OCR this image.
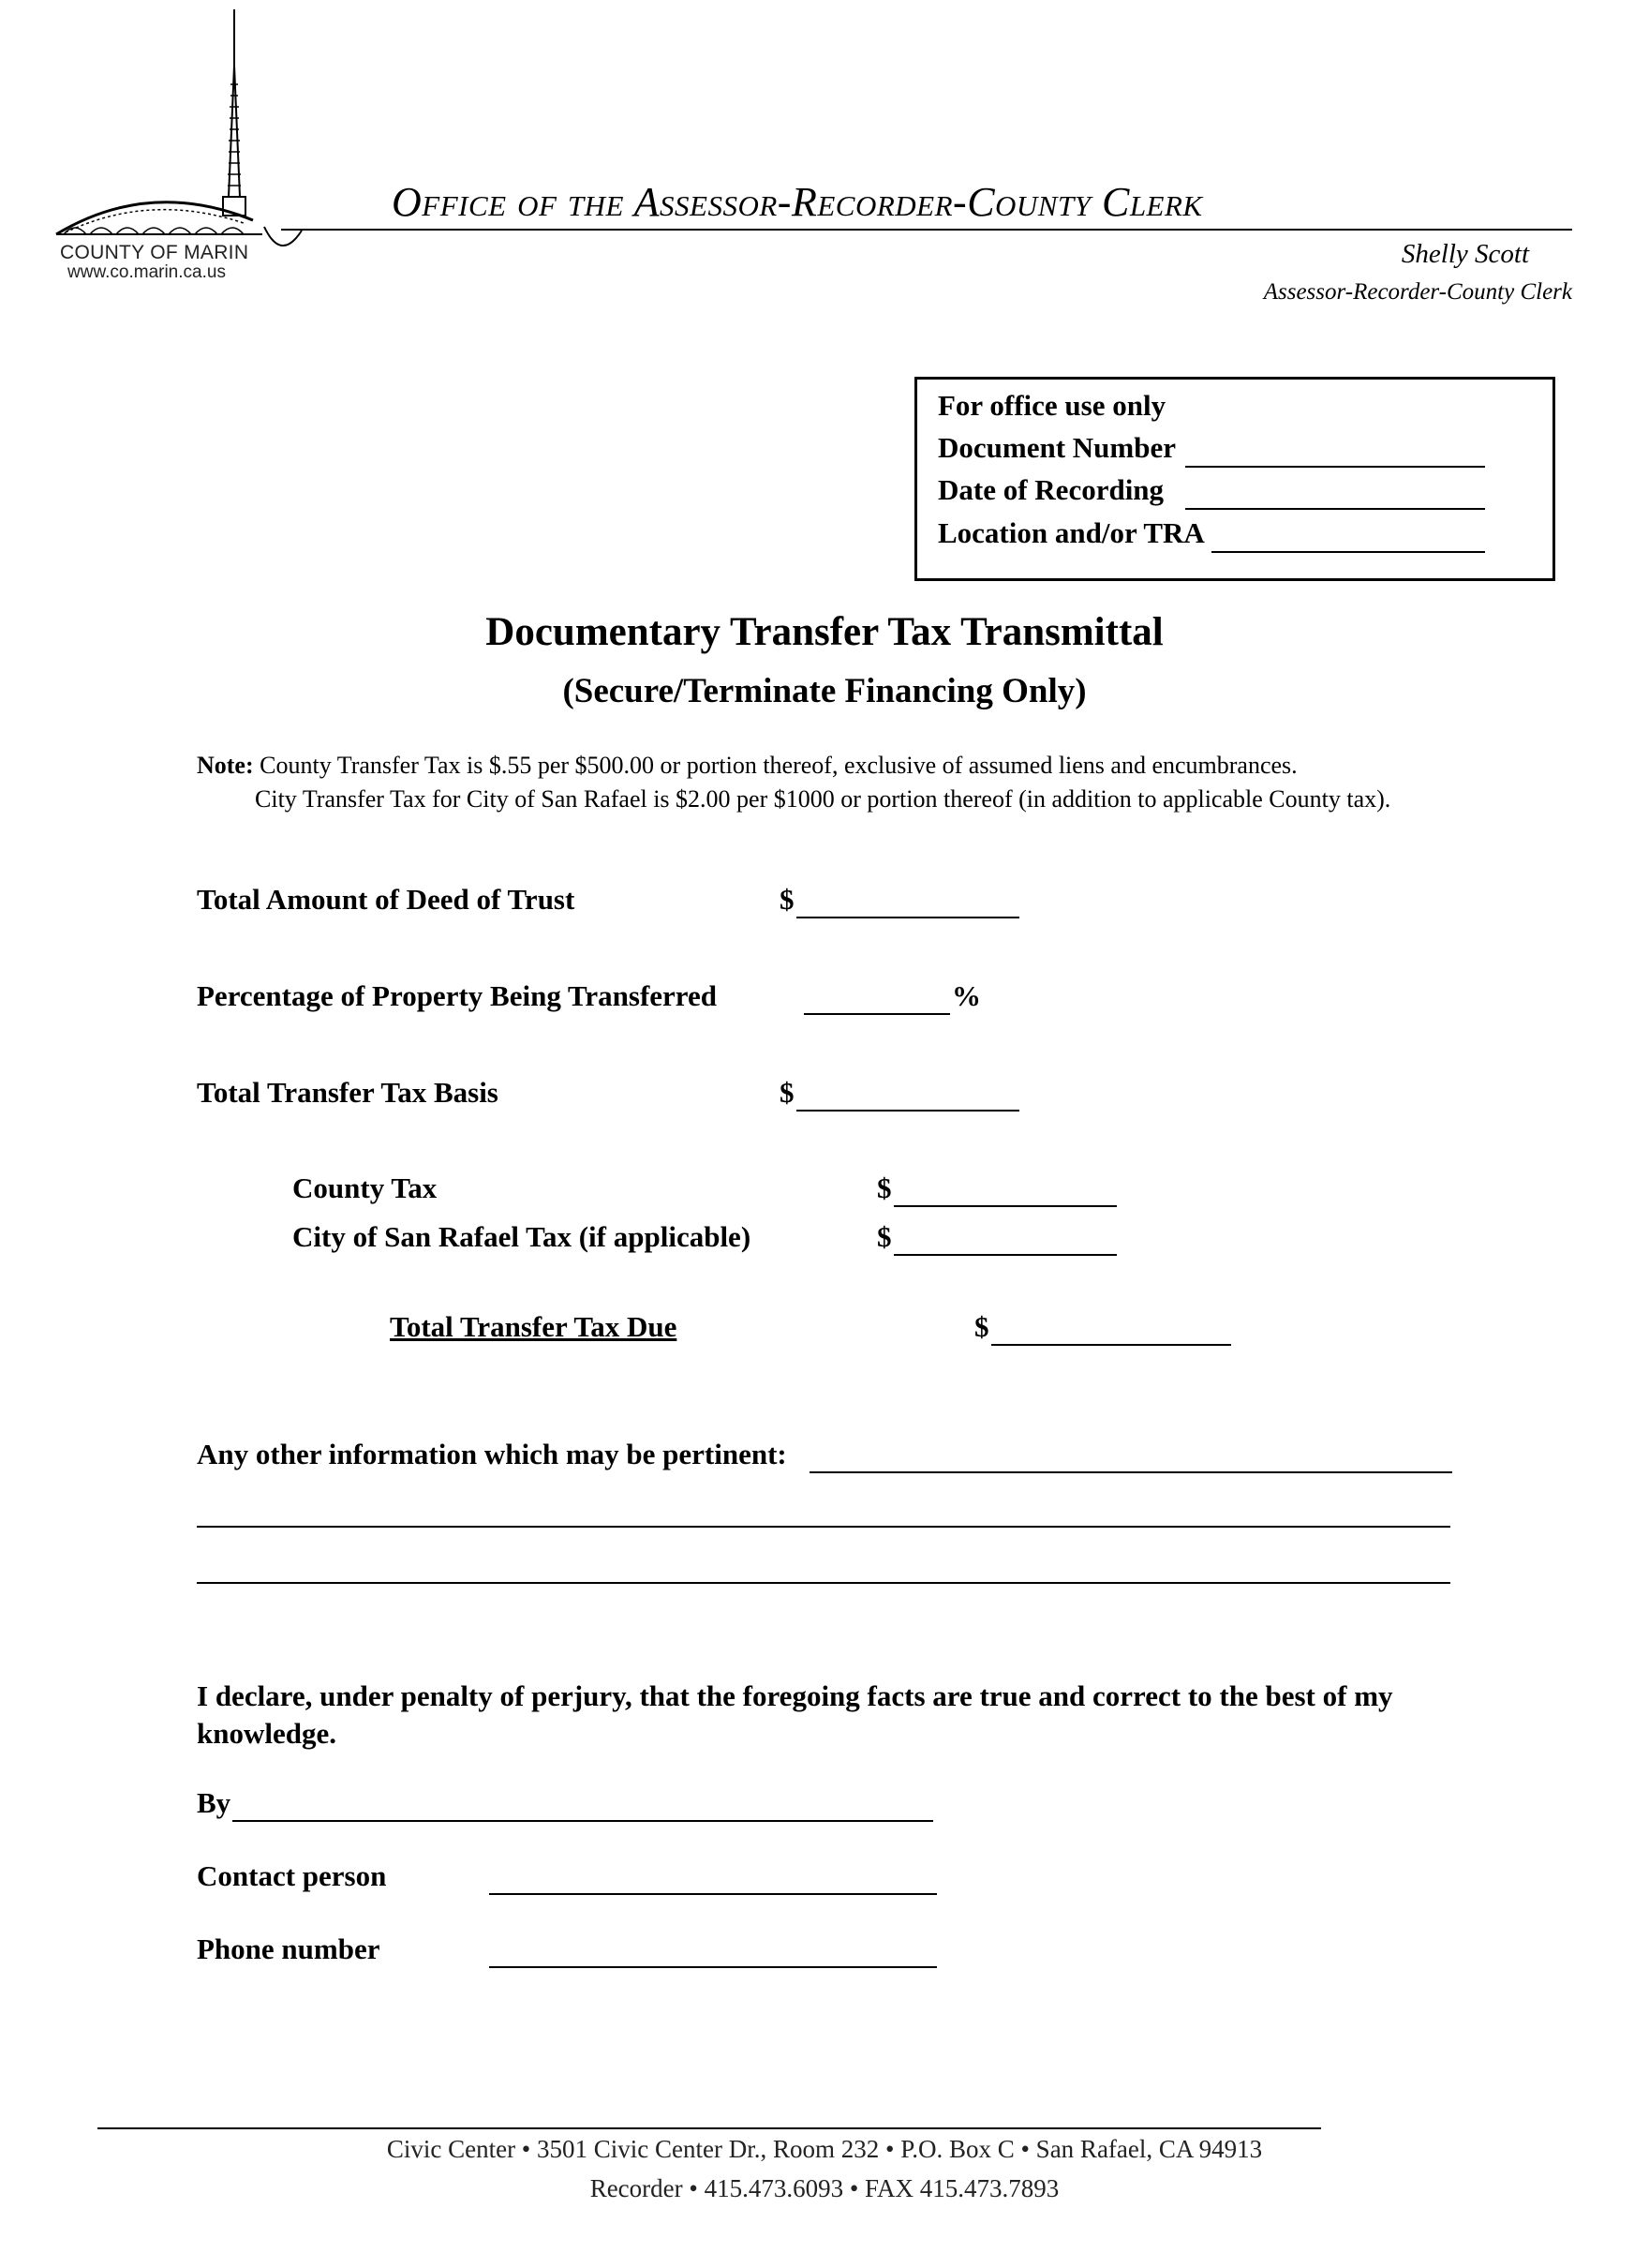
COUNTY OF MARIN
www.co.marin.ca.us
Office of the Assessor-Recorder-County Clerk
Shelly Scott
Assessor-Recorder-County Clerk
For office use only
Document Number
Date of Recording
Location and/or TRA
Documentary Transfer Tax Transmittal
(Secure/Terminate Financing Only)
Note: County Transfer Tax is $.55 per $500.00 or portion thereof, exclusive of assumed liens and encumbrances.
City Transfer Tax for City of San Rafael is $2.00 per $1000 or portion thereof (in addition to applicable County tax).
Total Amount of Deed of Trust	$
Percentage of Property Being Transferred	%
Total Transfer Tax Basis	$
County Tax	$
City of San Rafael Tax (if applicable)	$
Total Transfer Tax Due	$
Any other information which may be pertinent:
I declare, under penalty of perjury, that the foregoing facts are true and correct to the best of my knowledge.
By
Contact person
Phone number
Civic Center • 3501 Civic Center Dr., Room 232 • P.O. Box C • San Rafael, CA 94913
Recorder • 415.473.6093 • FAX 415.473.7893
